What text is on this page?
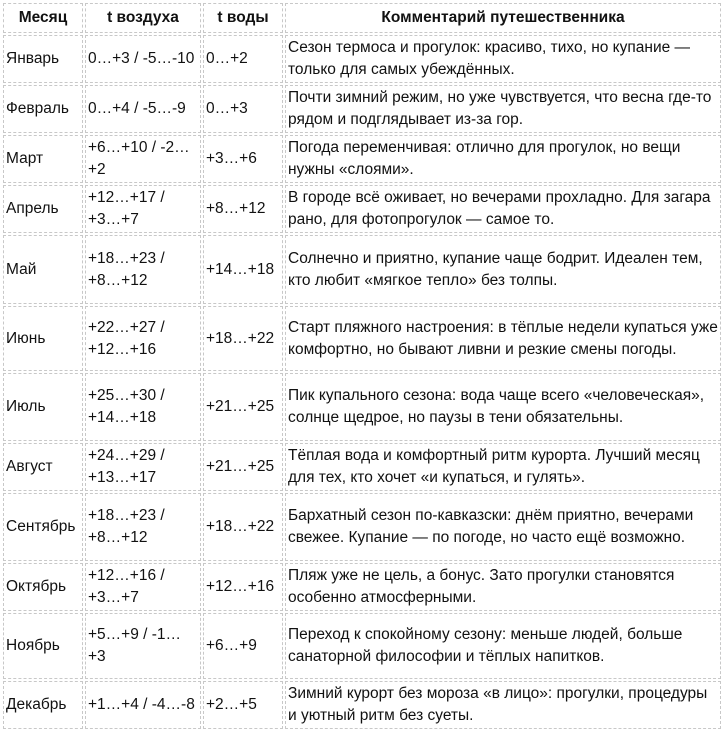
Месяц	t воздуха	t воды	Комментарий путешественника
Январь	0…+3 / -5…-10	0…+2	Сезон термоса и прогулок: красиво, тихо, но купание — только для самых убеждённых.
Февраль	0…+4 / -5…-9	0…+3	Почти зимний режим, но уже чувствуется, что весна где-то рядом и подглядывает из-за гор.
Март	+6…+10 / -2…+2	+3…+6	Погода переменчивая: отлично для прогулок, но вещи нужны «слоями».
Апрель	+12…+17 / +3…+7	+8…+12	В городе всё оживает, но вечерами прохладно. Для загара рано, для фотопрогулок — самое то.
Май	+18…+23 / +8…+12	+14…+18	Солнечно и приятно, купание чаще бодрит. Идеален тем, кто любит «мягкое тепло» без толпы.
Июнь	+22…+27 / +12…+16	+18…+22	Старт пляжного настроения: в тёплые недели купаться уже комфортно, но бывают ливни и резкие смены погоды.
Июль	+25…+30 / +14…+18	+21…+25	Пик купального сезона: вода чаще всего «человеческая», солнце щедрое, но паузы в тени обязательны.
Август	+24…+29 / +13…+17	+21…+25	Тёплая вода и комфортный ритм курорта. Лучший месяц для тех, кто хочет «и купаться, и гулять».
Сентябрь	+18…+23 / +8…+12	+18…+22	Бархатный сезон по-кавказски: днём приятно, вечерами свежее. Купание — по погоде, но часто ещё возможно.
Октябрь	+12…+16 / +3…+7	+12…+16	Пляж уже не цель, а бонус. Зато прогулки становятся особенно атмосферными.
Ноябрь	+5…+9 / -1…+3	+6…+9	Переход к спокойному сезону: меньше людей, больше санаторной философии и тёплых напитков.
Декабрь	+1…+4 / -4…-8	+2…+5	Зимний курорт без мороза «в лицо»: прогулки, процедуры и уютный ритм без суеты.
